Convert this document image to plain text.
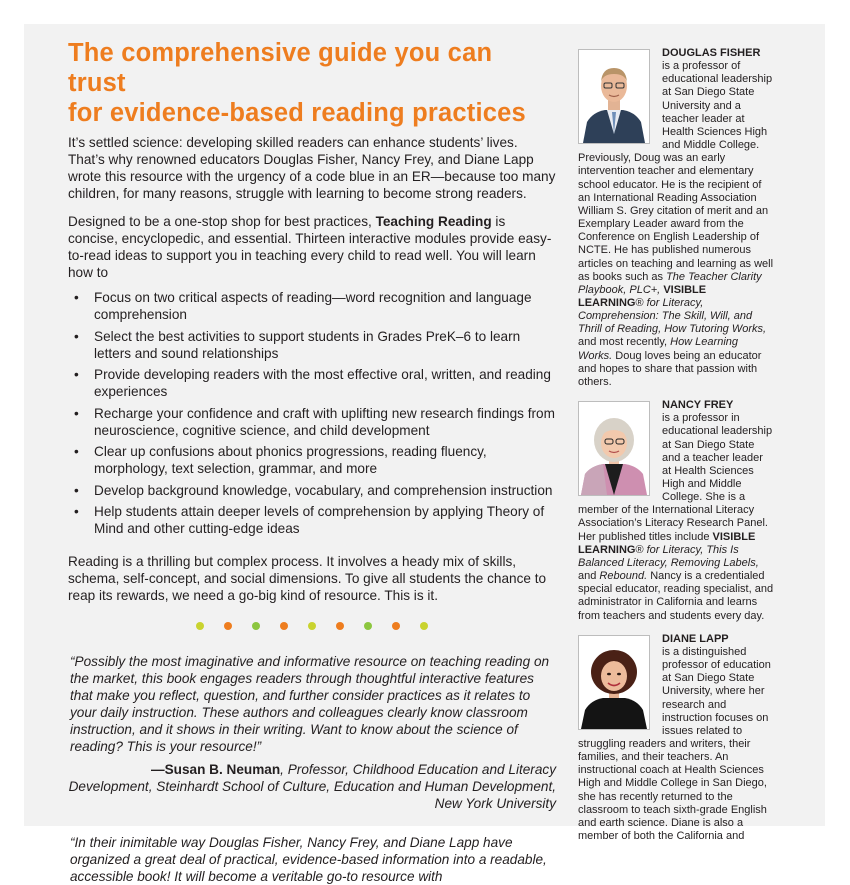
The comprehensive guide you can trust
for evidence-based reading practices

It’s settled science: developing skilled readers can enhance students’ lives. That’s why renowned educators Douglas Fisher, Nancy Frey, and Diane Lapp wrote this resource with the urgency of a code blue in an ER—because too many children, for many reasons, struggle with learning to become strong readers.

Designed to be a one-stop shop for best practices, Teaching Reading is concise, encyclopedic, and essential. Thirteen interactive modules provide easy-to-read ideas to support you in teaching every child to read well. You will learn how to

• Focus on two critical aspects of reading—word recognition and language comprehension
• Select the best activities to support students in Grades PreK–6 to learn letters and sound relationships
• Provide developing readers with the most effective oral, written, and reading experiences
• Recharge your confidence and craft with uplifting new research findings from neuroscience, cognitive science, and child development
• Clear up confusions about phonics progressions, reading fluency, morphology, text selection, grammar, and more
• Develop background knowledge, vocabulary, and comprehension instruction
• Help students attain deeper levels of comprehension by applying Theory of Mind and other cutting-edge ideas

Reading is a thrilling but complex process. It involves a heady mix of skills, schema, self-concept, and social dimensions. To give all students the chance to reap its rewards, we need a go-big kind of resource. This is it.

“Possibly the most imaginative and informative resource on teaching reading on the market, this book engages readers through thoughtful interactive features that make you reflect, question, and further consider practices as it relates to your daily instruction. These authors and colleagues clearly know classroom instruction, and it shows in their writing. Want to know about the science of reading? This is your resource!”

—Susan B. Neuman, Professor, Childhood Education and Literacy Development, Steinhardt School of Culture, Education and Human Development, New York University

“In their inimitable way Douglas Fisher, Nancy Frey, and Diane Lapp have organized a great deal of practical, evidence-based information into a readable, accessible book! It will become a veritable go-to resource with

DOUGLAS FISHER
is a professor of educational leadership at San Diego State University and a teacher leader at Health Sciences High and Middle College. Previously, Doug was an early intervention teacher and elementary school educator. He is the recipient of an International Reading Association William S. Grey citation of merit and an Exemplary Leader award from the Conference on English Leadership of NCTE. He has published numerous articles on teaching and learning as well as books such as The Teacher Clarity Playbook, PLC+, VISIBLE LEARNING® for Literacy, Comprehension: The Skill, Will, and Thrill of Reading, How Tutoring Works, and most recently, How Learning Works. Doug loves being an educator and hopes to share that passion with others.
NANCY FREY
is a professor in educational leadership at San Diego State and a teacher leader at Health Sciences High and Middle College. She is a member of the International Literacy Association’s Literacy Research Panel. Her published titles include VISIBLE LEARNING® for Literacy, This Is Balanced Literacy, Removing Labels, and Rebound. Nancy is a credentialed special educator, reading specialist, and administrator in California and learns from teachers and students every day.
DIANE LAPP
is a distinguished professor of education at San Diego State University, where her research and instruction focuses on issues related to struggling readers and writers, their families, and their teachers. An instructional coach at Health Sciences High and Middle College in San Diego, she has recently returned to the classroom to teach sixth-grade English and earth science. Diane is also a member of both the California and
